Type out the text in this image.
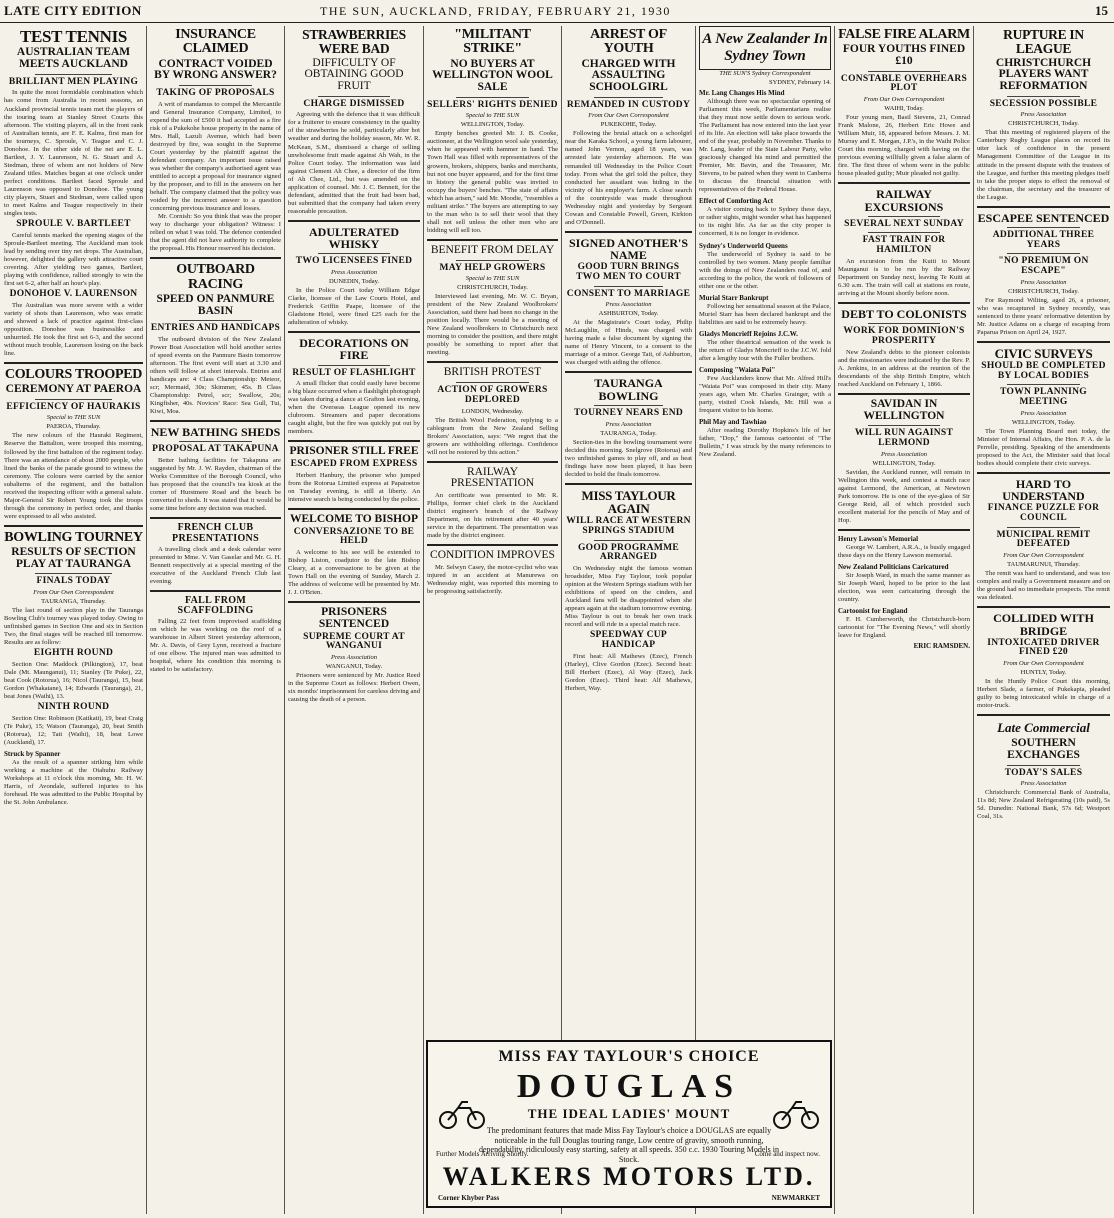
LATE CITY EDITION	THE SUN, AUCKLAND, FRIDAY, FEBRUARY 21, 1930	15
TEST TENNIS
AUSTRALIAN TEAM MEETS AUCKLAND
BRILLIANT MEN PLAYING

In quite the most formidable combination which has come from Australia in recent seasons, an Auckland provincial tennis team met the players of the touring team at Stanley Street Courts this afternoon. The visiting players, all in the front rank of Australian tennis, are F. E. Kalms, first man for the tourneys, C. Sproule, V. Teague and C. J. Donohoe. In the other side of the net are E. L. Bartleet, J. Y. Laurenson, N. G. Stuart and A. Stedman, three of whom are not holders of New Zealand titles. Matches began at one o'clock under perfect conditions. Bartleet faced Sproule and Laurenson was opposed to Donohoe. The young city players, Stuart and Stedman, were called upon to meet Kalms and Teague respectively in their singles tests.

SPROULE V. BARTLEET

Careful tennis marked the opening stages of the Sproule-Bartleet meeting. The Auckland man took lead by sending over tiny net drops. The Australian, however, delighted the gallery with attractive court covering. After yielding two games, Bartleet, playing with confidence, rallied strongly to win the first set 6-2, after half an hour's play.

DONOHOE V. LAURENSON

The Australian was more severe with a wider variety of shots than Laurenson, who was erratic and showed a lack of practice against first-class opposition. Donohoe was businesslike and unhurried. He took the first set 6-3, and the second without much trouble, Laurenson losing on the back line.

COLOURS TROOPED
CEREMONY AT PAEROA
EFFICIENCY OF HAURAKIS
Special to THE SUN
PAEROA, Thursday.

The new colours of the Hauraki Regiment, Reserve the Battalion, were trooped this morning, followed by the first battalion of the regiment today. There was an attendance of about 2000 people, who lined the banks of the parade ground to witness the ceremony. The colours were carried by the senior subalterns of the regiment, and the battalion received the inspecting officer with a general salute. Major-General Sir Robert Young took the troops through the ceremony in perfect order, and thanks were expressed to all who assisted.

BOWLING TOURNEY
RESULTS OF SECTION PLAY AT TAURANGA
FINALS TODAY
From Our Own Correspondent
TAURANGA, Thursday.

The last round of section play in the Tauranga Bowling Club's tourney was played today. Owing to unfinished games in Section One and six in Section Two, the final stages will be reached till tomorrow. Results are as follow:

EIGHTH ROUND

Section One: Maddock (Pilkington), 17, beat Dale (Mt. Maunganui), 11; Stanley (Te Puke), 22, beat Cook (Rotorua), 16; Nicol (Tauranga), 15, beat Gordon (Whakatane), 14; Edwards (Tauranga), 21, beat Jones (Waihi), 13.

NINTH ROUND

Section One: Robinson (Katikati), 19, beat Craig (Te Puke), 15; Watson (Tauranga), 20, beat Smith (Rotorua), 12; Tait (Waihi), 18, beat Lowe (Auckland), 17.

Struck by Spanner

As the result of a spanner striking him while working a machine at the Otahuhu Railway Workshops at 11 o'clock this morning, Mr. H. W. Harris, of Avondale, suffered injuries to his forehead. He was admitted to the Public Hospital by the St. John Ambulance.

INSURANCE CLAIMED
CONTRACT VOIDED BY WRONG ANSWER?
TAKING OF PROPOSALS

A writ of mandamus to compel the Mercantile and General Insurance Company, Limited, to expend the sum of £500 it had accepted as a fire risk of a Pukekohe house property in the name of Mrs. Hall, Lazuli Avenue, which had been destroyed by fire, was sought in the Supreme Court yesterday by the plaintiff against the defendant company. An important issue raised was whether the company's authorised agent was entitled to accept a proposal for insurance signed by the proposer, and to fill in the answers on her behalf. The company claimed that the policy was voided by the incorrect answer to a question concerning previous insurance and losses.

Mr. Cornish: So you think that was the proper way to discharge your obligation? Witness: I relied on what I was told. The defence contended that the agent did not have authority to complete the proposal. His Honour reserved his decision.

OUTBOARD RACING
SPEED ON PANMURE BASIN
ENTRIES AND HANDICAPS

The outboard division of the New Zealand Power Boat Association will hold another series of speed events on the Panmure Basin tomorrow afternoon. The first event will start at 3.30 and others will follow at short intervals. Entries and handicaps are: 4 Class Championship: Meteor, scr; Mermaid, 30s; Skimmer, 45s. B Class Championship: Petrel, scr; Swallow, 20s; Kingfisher, 40s. Novices' Race: Sea Gull, Tui, Kiwi, Moa.

NEW BATHING SHEDS
PROPOSAL AT TAKAPUNA

Better bathing facilities for Takapuna are suggested by Mr. J. W. Rayden, chairman of the Works Committee of the Borough Council, who has proposed that the council's tea kiosk at the corner of Hurstmere Road and the beach be converted to sheds. It was stated that it would be some time before any decision was reached.

FRENCH CLUB PRESENTATIONS

A travelling clock and a desk calendar were presented to Mme. V. Van Gaselar and Mr. G. H. Bennett respectively at a special meeting of the executive of the Auckland French Club last evening.

FALL FROM SCAFFOLDING

Falling 22 feet from improvised scaffolding on which he was working on the roof of a warehouse in Albert Street yesterday afternoon, Mr. A. Davis, of Grey Lynn, received a fracture of one elbow. The injured man was admitted to hospital, where his condition this morning is stated to be satisfactory.

STRAWBERRIES WERE BAD
DIFFICULTY OF OBTAINING GOOD FRUIT
CHARGE DISMISSED

Agreeing with the defence that it was difficult for a fruiterer to ensure consistency in the quality of the strawberries he sold, particularly after hot weather and during the holiday season, Mr. W. R. McKean, S.M., dismissed a charge of selling unwholesome fruit made against Ah Wah, in the Police Court today. The information was laid against Clement Ah Chee, a director of the firm of Ah Chee, Ltd., but was amended on the application of counsel. Mr. J. C. Bennett, for the defendant, admitted that the fruit had been bad, but submitted that the company had taken every reasonable precaution.

ADULTERATED WHISKY
TWO LICENSEES FINED
Press Association
DUNEDIN, Today.

In the Police Court today William Edgar Clarke, licensee of the Law Courts Hotel, and Frederick Griffin Paape, licensee of the Gladstone Hotel, were fined £25 each for the adulteration of whisky.

DECORATIONS ON FIRE
RESULT OF FLASHLIGHT

A small flicker that could easily have become a big blaze occurred when a flashlight photograph was taken during a dance at Grafton last evening, when the Overseas League opened its new clubroom. Streamers and paper decorations caught alight, but the fire was quickly put out by members.

PRISONER STILL FREE
ESCAPED FROM EXPRESS

Herbert Hanbury, the prisoner who jumped from the Rotorua Limited express at Papatoetoe on Tuesday evening, is still at liberty. An intensive search is being conducted by the police.

WELCOME TO BISHOP
CONVERSAZIONE TO BE HELD

A welcome to his see will be extended to Bishop Liston, coadjutor to the late Bishop Cleary, at a conversazione to be given at the Town Hall on the evening of Sunday, March 2. The address of welcome will be presented by Mr. J. J. O'Brien.

PRISONERS SENTENCED
SUPREME COURT AT WANGANUI
Press Association
WANGANUI, Today.

Prisoners were sentenced by Mr. Justice Reed in the Supreme Court as follows: Herbert Owen, six months' imprisonment for careless driving and causing the death of a person.

"MILITANT STRIKE"
NO BUYERS AT WELLINGTON WOOL SALE
SELLERS' RIGHTS DENIED
Special to THE SUN
WELLINGTON, Today.

Empty benches greeted Mr. J. B. Cooke, auctioneer, at the Wellington wool sale yesterday, when he appeared with hammer in hand. The Town Hall was filled with representatives of the growers, brokers, shippers, banks and merchants, but not one buyer appeared, and for the first time in history the general public was invited to occupy the buyers' benches. "The state of affairs which has arisen," said Mr. Moodie, "resembles a militant strike." The buyers are attempting to say to the man who is to sell their wool that they shall not sell unless the other men who are bidding will sell too.

BENEFIT FROM DELAY
MAY HELP GROWERS
Special to THE SUN
CHRISTCHURCH, Today.

Interviewed last evening, Mr. W. C. Bryan, president of the New Zealand Woolbrokers' Association, said there had been no change in the position locally. There would be a meeting of New Zealand woolbrokers in Christchurch next morning to consider the position, and there might possibly be something to report after that meeting.

BRITISH PROTEST
ACTION OF GROWERS DEPLORED
LONDON, Wednesday.

The British Wool Federation, replying to a cablegram from the New Zealand Selling Brokers' Association, says: "We regret that the growers are withholding offerings. Confidence will not be restored by this action."

RAILWAY PRESENTATION

An certificate was presented to Mr. R. Phillips, former chief clerk in the Auckland district engineer's branch of the Railway Department, on his retirement after 40 years' service in the department. The presentation was made by the district engineer.

CONDITION IMPROVES

Mr. Selwyn Casey, the motor-cyclist who was injured in an accident at Manurewa on Wednesday night, was reported this morning to be progressing satisfactorily.

ARREST OF YOUTH
CHARGED WITH ASSAULTING SCHOOLGIRL
REMANDED IN CUSTODY
From Our Own Correspondent
PUKEKOHE, Today.

Following the brutal attack on a schoolgirl near the Karaka School, a young farm labourer, named John Vernon, aged 18 years, was arrested late yesterday afternoon. He was remanded till Wednesday in the Police Court today. From what the girl told the police, they conducted her assailant was hiding in the vicinity of his employer's farm. A close search of the countryside was made throughout Wednesday night and yesterday by Sergeant Cowan and Constable Powell, Green, Kirkton and O'Donnell.

SIGNED ANOTHER'S NAME
GOOD TURN BRINGS TWO MEN TO COURT
CONSENT TO MARRIAGE
Press Association
ASHBURTON, Today.

At the Magistrate's Court today, Philip McLaughlin, of Hinds, was charged with having made a false document by signing the name of Henry Vincent, to a consent to the marriage of a minor. George Tait, of Ashburton, was charged with aiding the offence.

TAURANGA BOWLING
TOURNEY NEARS END
Press Association
TAURANGA, Today.

Section-ties in the bowling tournament were decided this morning. Snelgrove (Rotorua) and two unfinished games to play off, and as heat findings have now been played, it has been decided to hold the finals tomorrow.

MISS TAYLOUR AGAIN
WILL RACE AT WESTERN SPRINGS STADIUM
GOOD PROGRAMME ARRANGED

On Wednesday night the famous woman broadsider, Miss Fay Taylour, took popular opinion at the Western Springs stadium with her exhibitions of speed on the cinders, and Auckland fans will be disappointed when she appears again at the stadium tomorrow evening. Miss Taylour is out to break her own track record and will ride in a special match race.

SPEEDWAY CUP HANDICAP

First heat: All Mathews (Ezec), French (Harley), Clive Gordon (Ezec). Second heat: Bill Herbert (Ezec), Al Way (Ezec), Jack Gordon (Ezec). Third heat: Alf Mathews, Herbert, Way.

A New Zealander In Sydney Town
THE SUN'S Sydney Correspondent
SYDNEY, February 14.
Mr. Lang Changes His Mind

Although there was no spectacular opening of Parliament this week, Parliamentarians realise that they must now settle down to serious work. The Parliament has now entered into the last year of its life. An election will take place towards the end of the year, probably in November. Thanks to Mr. Lang, leader of the State Labour Party, who graciously changed his mind and permitted the Premier, Mr. Bavin, and the Treasurer, Mr. Stevens, to be paired when they went to Canberra to discuss the financial situation with representatives of the Federal House.

Effect of Comforting Act

A visitor coming back to Sydney these days, or rather sights, might wonder what has happened to its night life. As far as the city proper is concerned, it is no longer in evidence.

Sydney's Underworld Queens

The underworld of Sydney is said to be controlled by two women. Many people familiar with the doings of New Zealanders read of, and according to the police, the work of followers of either one or the other.

Murial Starr Bankrupt

Following her sensational season at the Palace, Muriel Starr has been declared bankrupt and the liabilities are said to be extremely heavy.

Gladys Moncrieff Rejoins J.C.W.

The other theatrical sensation of the week is the return of Gladys Moncrieff to the J.C.W. fold after a lengthy tour with the Fuller brothers.

Composing "Waiata Poi"

Few Aucklanders know that Mr. Alfred Hill's "Waiata Poi" was composed in their city. Many years ago, when Mr. Charles Grainger, with a party, visited Cook Islands, Mr. Hill was a frequent visitor to his home.

Phil May and Tawhiao

After reading Dorothy Hopkins's life of her father, "Dop," the famous cartoonist of "The Bulletin," I was struck by the many references to New Zealand.

FALSE FIRE ALARM
FOUR YOUTHS FINED £10
CONSTABLE OVERHEARS PLOT
From Our Own Correspondent
WAIHI, Today.

Four young men, Basil Stevens, 21, Conrad Frank Malone, 26, Herbert Eric Howe and William Muir, 18, appeared before Messrs. J. M. Murray and E. Morgan, J.P.'s, in the Waihi Police Court this morning, charged with having on the previous evening willfully given a false alarm of fire. The first three of whom were in the public house pleaded guilty; Muir pleaded not guilty.

RAILWAY EXCURSIONS
SEVERAL NEXT SUNDAY
FAST TRAIN FOR HAMILTON

An excursion from the Kuiti to Mount Maunganui is to be run by the Railway Department on Sunday next, leaving Te Kuiti at 6.30 a.m. The train will call at stations en route, arriving at the Mount shortly before noon.

DEBT TO COLONISTS
WORK FOR DOMINION'S PROSPERITY

New Zealand's debts to the pioneer colonists and the missionaries were indicated by the Rev. P. A. Jenkins, in an address at the reunion of the descendants of the ship British Empire, which reached Auckland on February 1, 1866.

SAVIDAN IN WELLINGTON
WILL RUN AGAINST LERMOND
Press Association
WELLINGTON, Today.

Savidan, the Auckland runner, will remain in Wellington this week, and contest a match race against Lermond, the American, at Newtown Park tomorrow. He is one of the eye-glass of Sir George Reid, all of which provided such excellent material for the pencils of May and of Hop.

Henry Lawson's Memorial

George W. Lambert, A.R.A., is busily engaged these days on the Henry Lawson memorial.

New Zealand Politicians Caricatured

Sir Joseph Ward, in much the same manner as Sir Joseph Ward, hoped to be prior to the last election, was seen caricaturing through the country.

Cartoonist for England

F. H. Cumberworth, the Christchurch-born cartoonist for "The Evening News," will shortly leave for England.

ERIC RAMSDEN.
RUPTURE IN LEAGUE
CHRISTCHURCH PLAYERS WANT REFORMATION
SECESSION POSSIBLE
Press Association
CHRISTCHURCH, Today.

That this meeting of registered players of the Canterbury Rugby League places on record its utter lack of confidence in the present Management Committee of the League in its attitude in the present dispute with the trustees of the League, and further this meeting pledges itself to take the proper steps to effect the removal of the chairman, the secretary and the treasurer of the League.

ESCAPEE SENTENCED
ADDITIONAL THREE YEARS
"NO PREMIUM ON ESCAPE"
Press Association
CHRISTCHURCH, Today.

For Raymond Wilting, aged 26, a prisoner, who was recaptured in Sydney recently, was sentenced to three years' reformative detention by Mr. Justice Adams on a charge of escaping from Paparua Prison on April 24, 1927.

CIVIC SURVEYS
SHOULD BE COMPLETED BY LOCAL BODIES
TOWN PLANNING MEETING
Press Association
WELLINGTON, Today.

The Town Planning Board met today, the Minister of Internal Affairs, the Hon. P. A. de la Perrelle, presiding. Speaking of the amendments proposed to the Act, the Minister said that local bodies should complete their civic surveys.

HARD TO UNDERSTAND
FINANCE PUZZLE FOR COUNCIL
MUNICIPAL REMIT DEFEATED
From Our Own Correspondent
TAUMARUNUI, Thursday.

The remit was hard to understand, and was too complex and really a Government measure and on the ground had no immediate prospects. The remit was defeated.

COLLIDED WITH BRIDGE
INTOXICATED DRIVER FINED £20
From Our Own Correspondent
HUNTLY, Today.

In the Huntly Police Court this morning, Herbert Slade, a farmer, of Pukekapia, pleaded guilty to being intoxicated while in charge of a motor-truck.

Late Commercial
SOUTHERN EXCHANGES
TODAY'S SALES
Press Association

Christchurch: Commercial Bank of Australia, 11s 8d; New Zealand Refrigerating (10s paid), 5s 5d. Dunedin: National Bank, 57s 6d; Westport Coal, 31s.

MISS FAY TAYLOUR'S CHOICE
DOUGLAS
THE IDEAL LADIES' MOUNT
The predominant features that made Miss Fay Taylour's choice a DOUGLAS are equally noticeable in the full Douglas touring range, Low centre of gravity, smooth running, dependability, ridiculously easy starting, safety at all speeds. 350 c.c. 1930 Touring Models in Stock.
Further Models Arriving Shortly.	Come and inspect now.
WALKERS MOTORS LTD.
Corner Khyber Pass	NEWMARKET
